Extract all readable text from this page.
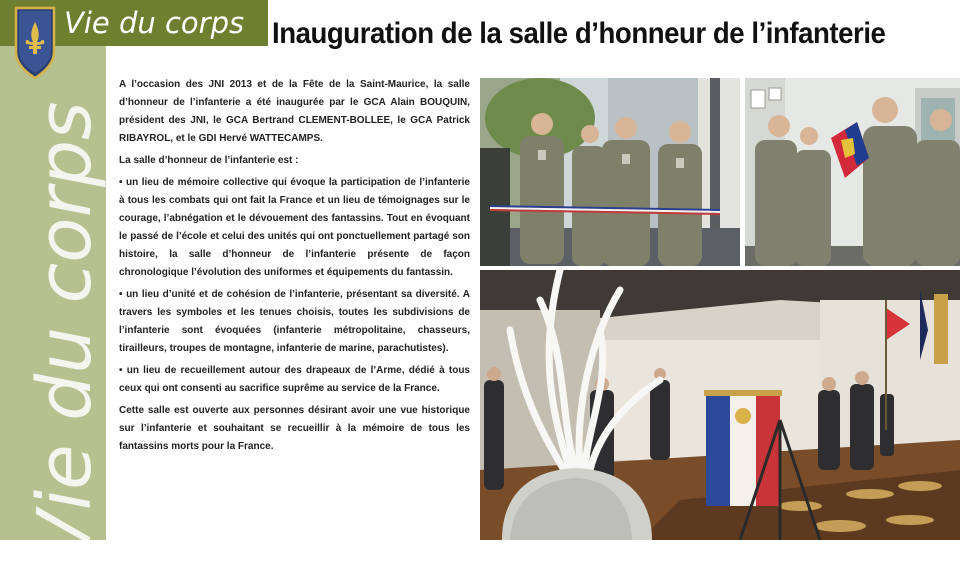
Vie du corps
Vie du corps Inauguration de la salle d’honneur de l’infanterie

A l’occasion des JNI 2013 et de la Fête de la Saint-Maurice, la salle d’honneur de l’infanterie a été inaugurée par le GCA Alain BOUQUIN, président des JNI, le GCA Bertrand CLEMENT-BOLLEE, le GCA Patrick RIBAYROL, et le GDI Hervé WATTECAMPS.

La salle d’honneur de l’infanterie est :

• un lieu de mémoire collective qui évoque la participation de l’infanterie à tous les combats qui ont fait la France et un lieu de témoignages sur le courage, l’abnégation et le dévouement des fantassins. Tout en évoquant le passé de l’école et celui des unités qui ont ponctuellement partagé son histoire, la salle d’honneur de l’infanterie présente de façon chronologique l’évolution des uniformes et équipements du fantassin.

• un lieu d’unité et de cohésion de l’infanterie, présentant sa diversité. A travers les symboles et les tenues choisis, toutes les subdivisions de l’infanterie sont évoquées (infanterie métropolitaine, chasseurs, tirailleurs, troupes de montagne, infanterie de marine, parachutistes).

• un lieu de recueillement autour des drapeaux de l’Arme, dédié à tous ceux qui ont consenti au sacrifice suprême au service de la France.

Cette salle est ouverte aux personnes désirant avoir une vue historique sur l’infanterie et souhaitant se recueillir à la mémoire de tous les fantassins morts pour la France.
